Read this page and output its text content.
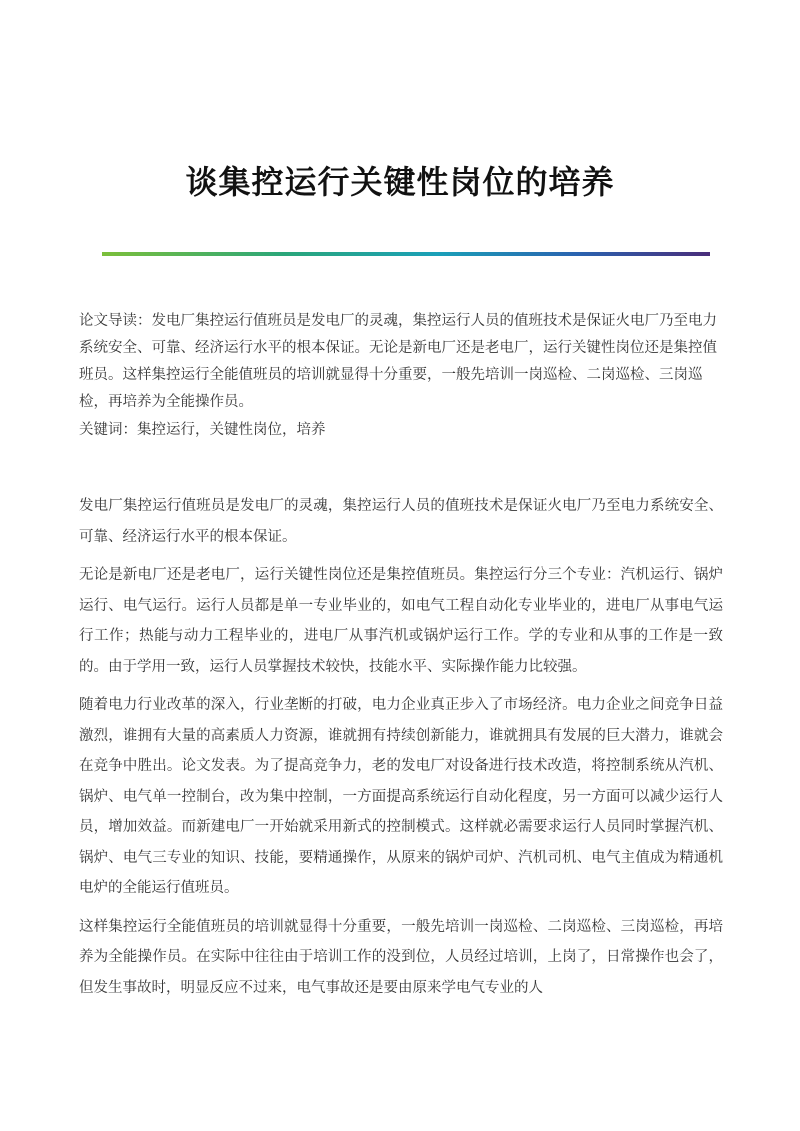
谈集控运行关键性岗位的培养

论文导读：发电厂集控运行值班员是发电厂的灵魂，集控运行人员的值班技术是保证火电厂乃至电力系统安全、可靠、经济运行水平的根本保证。无论是新电厂还是老电厂，运行关键性岗位还是集控值班员。这样集控运行全能值班员的培训就显得十分重要，一般先培训一岗巡检、二岗巡检、三岗巡检，再培养为全能操作员。

关键词：集控运行，关键性岗位，培养

发电厂集控运行值班员是发电厂的灵魂，集控运行人员的值班技术是保证火电厂乃至电力系统安全、可靠、经济运行水平的根本保证。

无论是新电厂还是老电厂，运行关键性岗位还是集控值班员。集控运行分三个专业：汽机运行、锅炉运行、电气运行。运行人员都是单一专业毕业的，如电气工程自动化专业毕业的，进电厂从事电气运行工作；热能与动力工程毕业的，进电厂从事汽机或锅炉运行工作。学的专业和从事的工作是一致的。由于学用一致，运行人员掌握技术较快，技能水平、实际操作能力比较强。

随着电力行业改革的深入，行业垄断的打破，电力企业真正步入了市场经济。电力企业之间竞争日益激烈，谁拥有大量的高素质人力资源，谁就拥有持续创新能力，谁就拥具有发展的巨大潜力，谁就会在竞争中胜出。论文发表。为了提高竞争力，老的发电厂对设备进行技术改造，将控制系统从汽机、锅炉、电气单一控制台，改为集中控制，一方面提高系统运行自动化程度，另一方面可以减少运行人员，增加效益。而新建电厂一开始就采用新式的控制模式。这样就必需要求运行人员同时掌握汽机、锅炉、电气三专业的知识、技能，要精通操作，从原来的锅炉司炉、汽机司机、电气主值成为精通机电炉的全能运行值班员。

这样集控运行全能值班员的培训就显得十分重要，一般先培训一岗巡检、二岗巡检、三岗巡检，再培养为全能操作员。在实际中往往由于培训工作的没到位，人员经过培训，上岗了，日常操作也会了，但发生事故时，明显反应不过来，电气事故还是要由原来学电气专业的人
